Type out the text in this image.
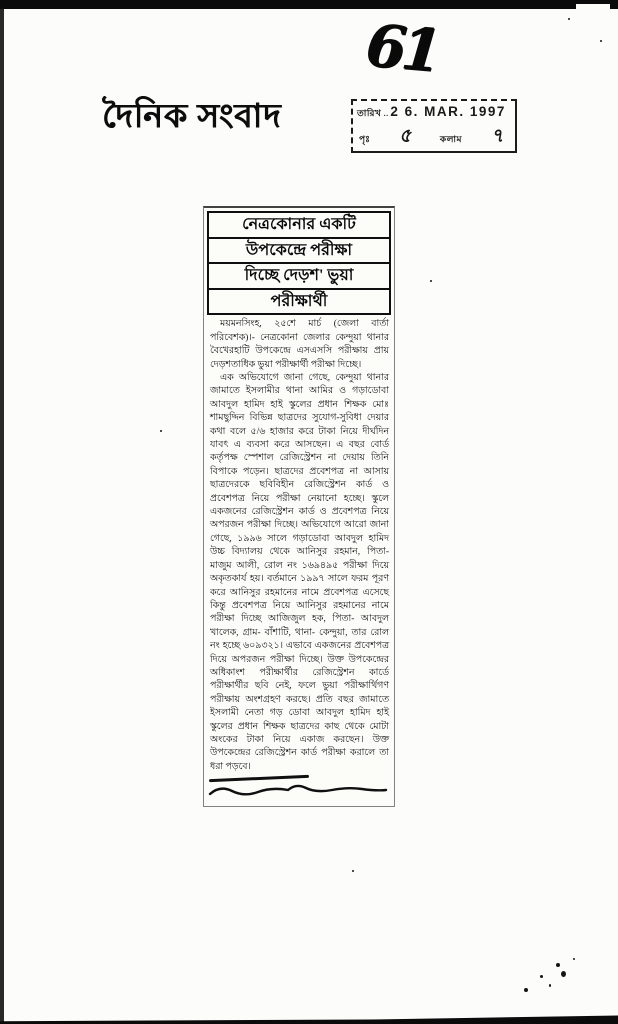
61
দৈনিক সংবাদ	তারিখ .. 2 6. MAR. 1997
পৃঃ ৫	কলাম ৭
নেত্রকোনার একটি
উপকেন্দ্রে পরীক্ষা
দিচ্ছে দেড়শ' ভুয়া
পরীক্ষার্থী

ময়মনসিংহ, ২৫শে মার্চ (জেলা বার্তা পরিবেশক)।- নেত্রকোনা জেলার কেন্দুয়া থানার বৈখেরহাটি উপকেন্দ্রে এসএসসি পরীক্ষায় প্রায় দেড়শতাধিক ভুয়া পরীক্ষার্থী পরীক্ষা দিচ্ছে।

এক অভিযোগে জানা গেছে, কেন্দুয়া থানার জামাতে ইসলামীর থানা আমির ও গড়াডোবা আবদুল হামিদ হাই স্কুলের প্রধান শিক্ষক মোঃ শামছুদ্দিন বিভিন্ন ছাত্রদের সুযোগ-সুবিধা দেয়ার কথা বলে ৫/৬ হাজার করে টাকা নিয়ে দীর্ঘদিন যাবৎ এ ব্যবসা করে আসছেন। এ বছর বোর্ড কর্তৃপক্ষ স্পেশাল রেজিস্ট্রেশন না দেয়ায় তিনি বিপাকে পড়েন। ছাত্রদের প্রবেশপত্র না আসায় ছাত্রদেরকে ছবিবিহীন রেজিস্ট্রেশন কার্ড ও প্রবেশপত্র নিয়ে পরীক্ষা নেয়ানো হচ্ছে। স্কুলে একজনের রেজিস্ট্রেশন কার্ড ও প্রবেশপত্র নিয়ে অপরজন পরীক্ষা দিচ্ছে। অভিযোগে আরো জানা গেছে, ১৯৯৬ সালে গড়াডোবা আবদুল হামিদ উচ্চ বিদ্যালয় থেকে আনিসুর রহমান, পিতা- মাজুম আলী, রোল নং ১৬৯৪৯৫ পরীক্ষা দিয়ে অকৃতকার্য হয়। বর্তমানে ১৯৯৭ সালে ফরম পূরণ করে আনিসুর রহমানের নামে প্রবেশপত্র এসেছে কিন্তু প্রবেশপত্র নিয়ে আনিসুর রহমানের নামে পরীক্ষা দিচ্ছে আজিজুল হক, পিতা- আবদুল খালেক, গ্রাম- বাঁশাটি, থানা- কেন্দুয়া, তার রোল নং হচ্ছে ৬০৯৩২১। এভাবে একজনের প্রবেশপত্র দিয়ে অপরজন পরীক্ষা দিচ্ছে। উক্ত উপকেন্দ্রের অধিকাংশ পরীক্ষার্থীর রেজিস্ট্রেশন কার্ডে পরীক্ষার্থীর ছবি নেই, ফলে ভুয়া পরীক্ষার্থিগণ পরীক্ষায় অংশগ্রহণ করছে। প্রতি বছর জামাতে ইসলামী নেতা গড় ডোবা আবদুল হামিদ হাই স্কুলের প্রধান শিক্ষক ছাত্রদের কাছ থেকে মোটা অংকের টাকা নিয়ে একাজ করছেন। উক্ত উপকেন্দ্রের রেজিস্ট্রেশন কার্ড পরীক্ষা করালে তা ধরা পড়বে।
